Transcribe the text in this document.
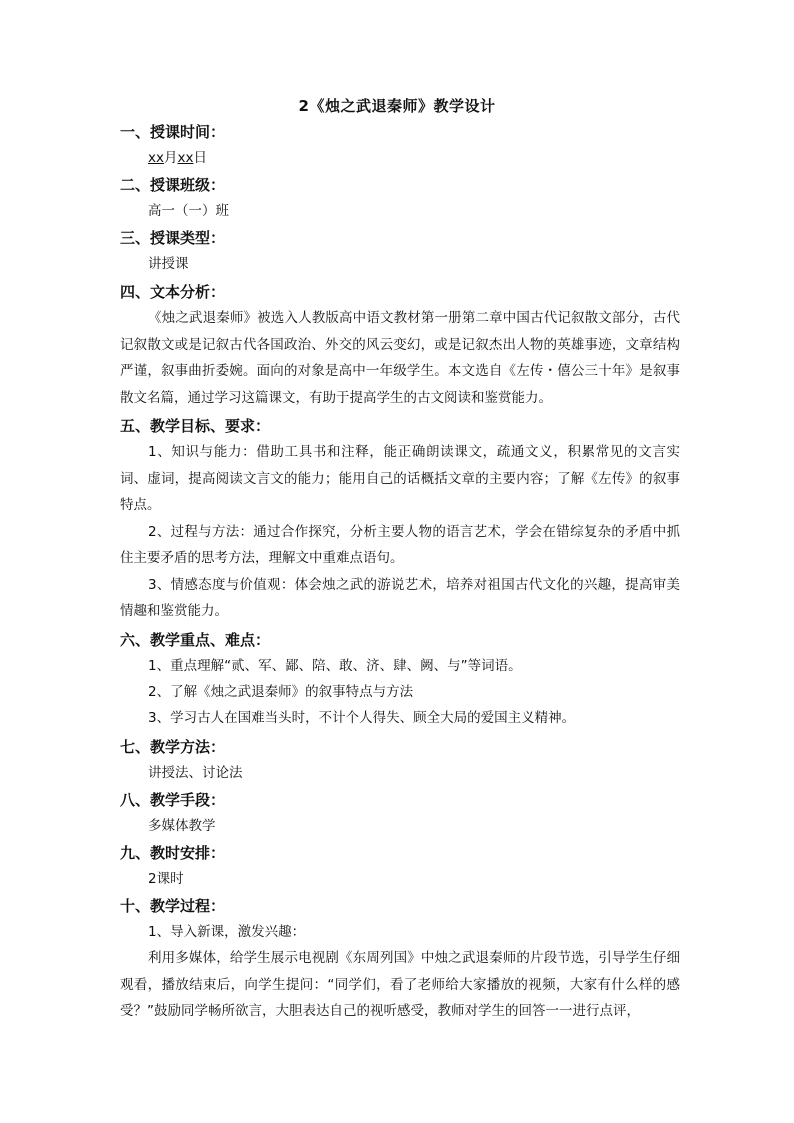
2《烛之武退秦师》教学设计
一、授课时间：
xx月xx日
二、授课班级：
高一（一）班
三、授课类型：
讲授课
四、文本分析：
《烛之武退秦师》被选入人教版高中语文教材第一册第二章中国古代记叙散文部分，古代记叙散文或是记叙古代各国政治、外交的风云变幻，或是记叙杰出人物的英雄事迹，文章结构严谨，叙事曲折委婉。面向的对象是高中一年级学生。本文选自《左传・僖公三十年》是叙事散文名篇，通过学习这篇课文，有助于提高学生的古文阅读和鉴赏能力。
五、教学目标、要求：
1、知识与能力：借助工具书和注释，能正确朗读课文，疏通文义，积累常见的文言实词、虚词，提高阅读文言文的能力；能用自己的话概括文章的主要内容；了解《左传》的叙事特点。
2、过程与方法：通过合作探究，分析主要人物的语言艺术，学会在错综复杂的矛盾中抓住主要矛盾的思考方法，理解文中重难点语句。
3、情感态度与价值观：体会烛之武的游说艺术，培养对祖国古代文化的兴趣，提高审美情趣和鉴赏能力。
六、教学重点、难点：
1、重点理解“贰、军、鄙、陪、敢、济、肆、阙、与”等词语。
2、了解《烛之武退秦师》的叙事特点与方法
3、学习古人在国难当头时，不计个人得失、顾全大局的爱国主义精神。
七、教学方法：
讲授法、讨论法
八、教学手段：
多媒体教学
九、教时安排：
2课时
十、教学过程：
1、导入新课，激发兴趣：
利用多媒体，给学生展示电视剧《东周列国》中烛之武退秦师的片段节选，引导学生仔细观看，播放结束后，向学生提问：“同学们，看了老师给大家播放的视频，大家有什么样的感受？”鼓励同学畅所欲言，大胆表达自己的视听感受，教师对学生的回答一一进行点评，
